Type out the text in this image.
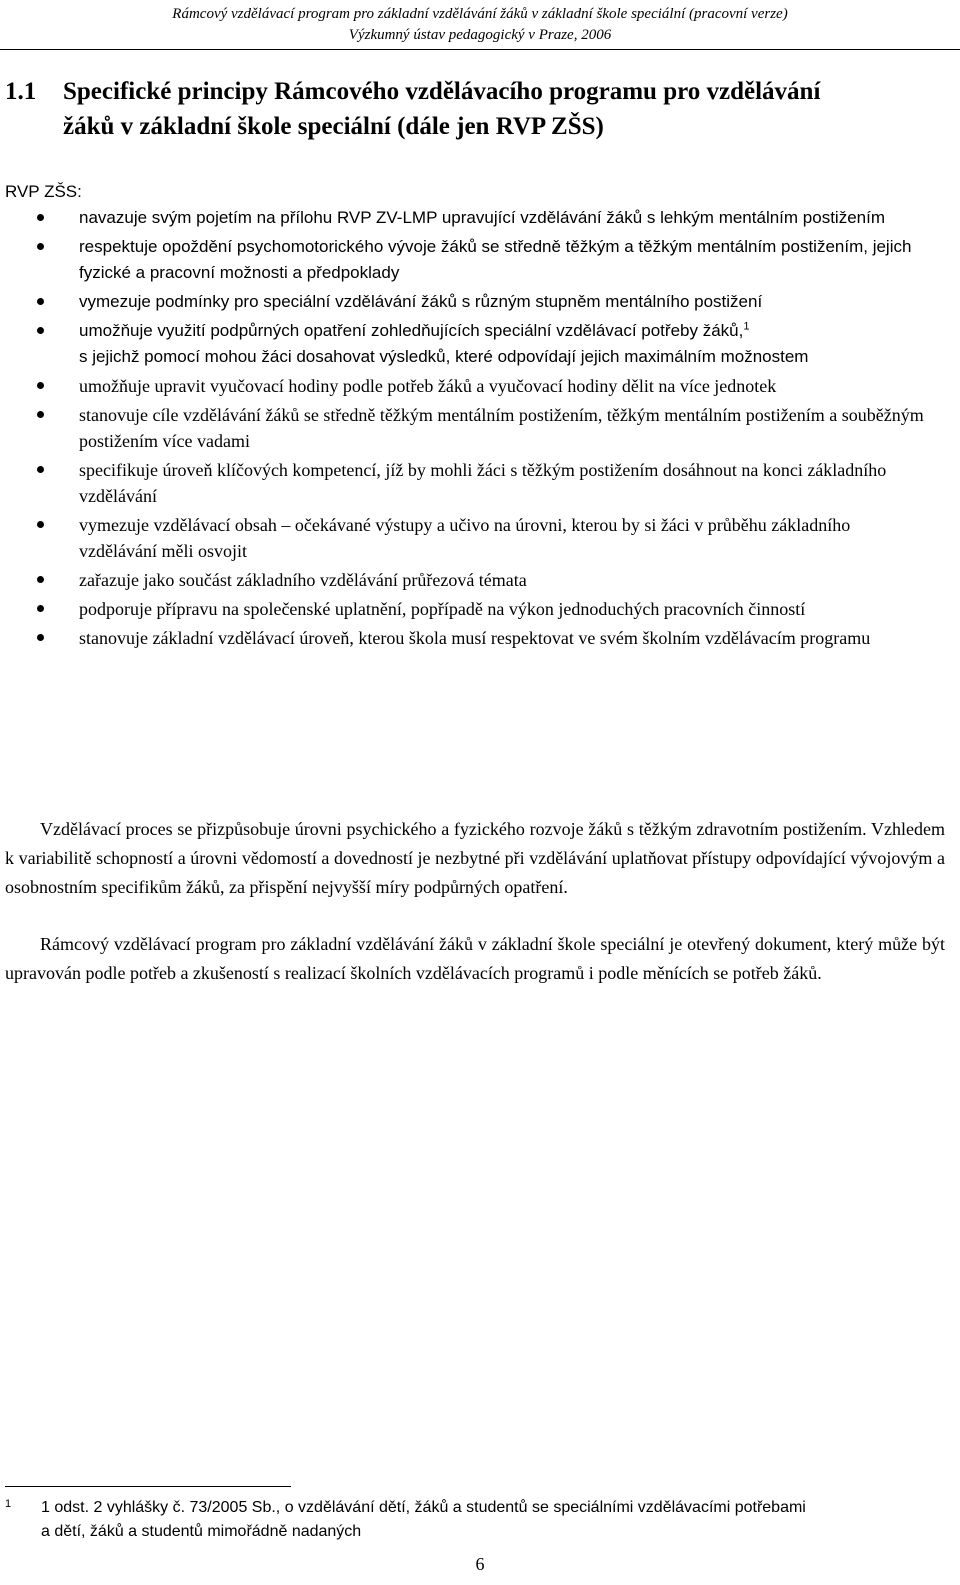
Rámcový vzdělávací program pro základní vzdělávání žáků v základní škole speciální (pracovní verze)
Výzkumný ústav pedagogický v Praze, 2006
1.1 Specifické principy Rámcového vzdělávacího programu pro vzdělávání
žáků v základní škole speciální (dále jen RVP ZŠS)
RVP ZŠS:
navazuje svým pojetím na přílohu RVP ZV-LMP upravující vzdělávání žáků s lehkým mentálním postižením
respektuje opoždění psychomotorického vývoje žáků se středně těžkým a těžkým mentálním postižením, jejich fyzické a pracovní možnosti a předpoklady
vymezuje podmínky pro speciální vzdělávání žáků s různým stupněm mentálního postižení
umožňuje využití podpůrných opatření zohledňujících speciální vzdělávací potřeby žáků,$^1$
s jejichž pomocí mohou žáci dosahovat výsledků, které odpovídají jejich maximálním možnostem
umožňuje upravit vyučovací hodiny podle potřeb žáků a vyučovací hodiny dělit na více jednotek
stanovuje cíle vzdělávání žáků se středně těžkým mentálním postižením, těžkým mentálním postižením a souběžným postižením více vadami
specifikuje úroveň klíčových kompetencí, jíž by mohli žáci s těžkým postižením dosáhnout na konci základního vzdělávání
vymezuje vzdělávací obsah – očekávané výstupy a učivo na úrovni, kterou by si žáci v průběhu základního vzdělávání měli osvojit
zařazuje jako součást základního vzdělávání průřezová témata
podporuje přípravu na společenské uplatnění, popřípadě na výkon jednoduchých pracovních činností
stanovuje základní vzdělávací úroveň, kterou škola musí respektovat ve svém školním vzdělávacím programu

Vzdělávací proces se přizpůsobuje úrovni psychického a fyzického rozvoje žáků s těžkým zdravotním postižením. Vzhledem k variabilitě schopností a úrovni vědomostí a dovedností je nezbytné při vzdělávání uplatňovat přístupy odpovídající vývojovým a osobnostním specifikům žáků, za přispění nejvyšší míry podpůrných opatření.

Rámcový vzdělávací program pro základní vzdělávání žáků v základní škole speciální je otevřený dokument, který může být upravován podle potřeb a zkušeností s realizací školních vzdělávacích programů i podle měnících se potřeb žáků.

1	1 odst. 2 vyhlášky č. 73/2005 Sb., o vzdělávání dětí, žáků a studentů se speciálními vzdělávacími potřebami
a dětí, žáků a studentů mimořádně nadaných
6
